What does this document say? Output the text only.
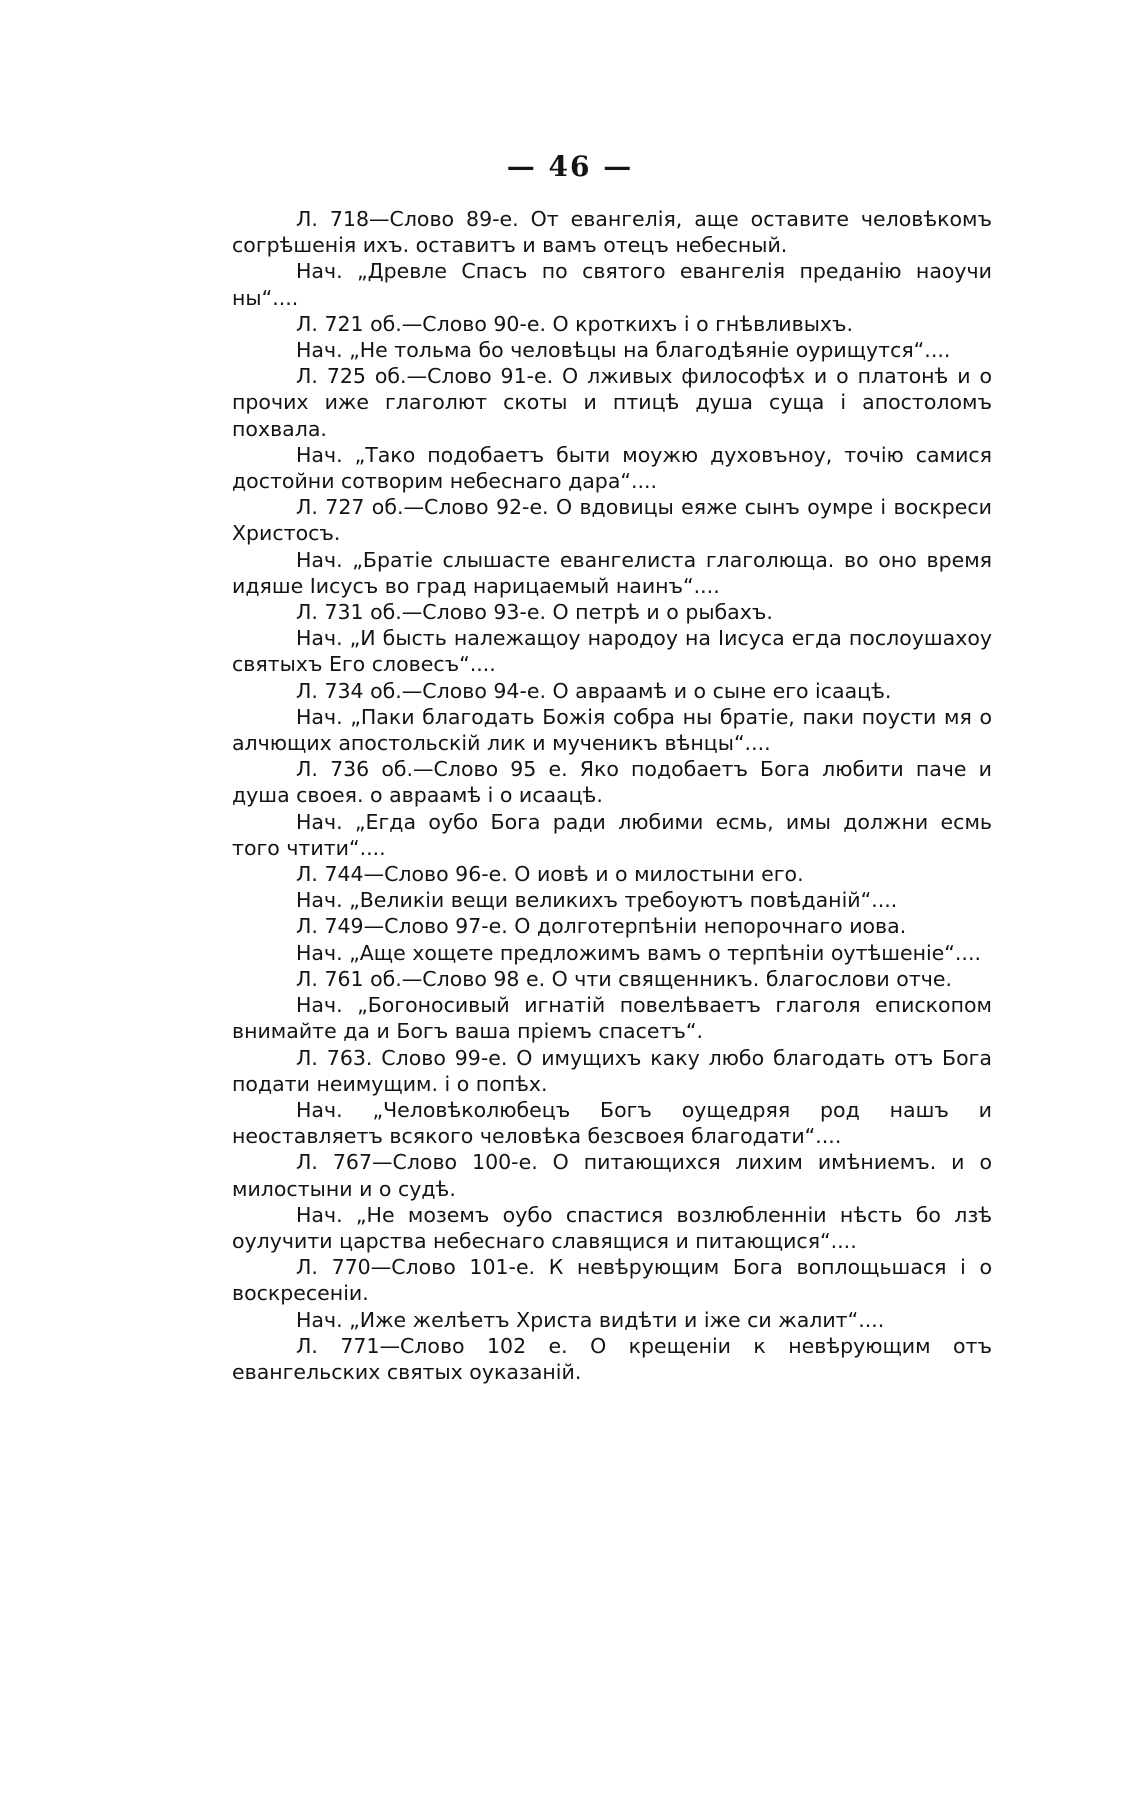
— 46 —

Л. 718—Слово 89-е. От евангелія, аще оставите человѣкомъ согрѣшенія ихъ. оставитъ и вамъ отецъ небесный.

Нач. „Древле Спасъ по святого евангелія преданію наоучи ны“....

Л. 721 об.—Слово 90-е. О кроткихъ і о гнѣвливыхъ.

Нач. „Не тольма бо человѣцы на благодѣяніе оурищутся“....

Л. 725 об.—Слово 91-е. О лживых философѣх и о платонѣ и о прочих иже глаголют скоты и птицѣ душа суща і апостоломъ похвала.

Нач. „Тако подобаетъ быти моужю духовъноу, точію самися достойни сотворим небеснаго дара“....

Л. 727 об.—Слово 92-е. О вдовицы еяже сынъ оумре і воскреси Христосъ.

Нач. „Братіе слышасте евангелиста глаголюща. во оно время идяше Іисусъ во град нарицаемый наинъ“....

Л. 731 об.—Слово 93-е. О петрѣ и о рыбахъ.

Нач. „И бысть належащоу народоу на Іисуса егда послоушахоу святыхъ Его словесъ“....

Л. 734 об.—Слово 94-е. О авраамѣ и о сыне его ісаацѣ.

Нач. „Паки благодать Божія собра ны братіе, паки поусти мя о алчющих апостольскій лик и мученикъ вѣнцы“....

Л. 736 об.—Слово 95 е. Яко подобаетъ Бога любити паче и душа своея. о авраамѣ і о исаацѣ.

Нач. „Егда оубо Бога ради любими есмь, имы должни есмь того чтити“....

Л. 744—Слово 96-е. О иовѣ и о милостыни его.

Нач. „Великіи вещи великихъ требоуютъ повѣданій“....

Л. 749—Слово 97-е. О долготерпѣніи непорочнаго иова.

Нач. „Аще хощете предложимъ вамъ о терпѣніи оутѣшеніе“....

Л. 761 об.—Слово 98 е. О чти священникъ. благослови отче.

Нач. „Богоносивый игнатій повелѣваетъ глаголя епископом внимайте да и Богъ ваша пріемъ спасетъ“.

Л. 763. Слово 99-е. О имущихъ каку любо благодать отъ Бога подати неимущим. і о попѣх.

Нач. „Человѣколюбецъ Богъ оущедряя род нашъ и неоставляетъ всякого человѣка безсвоея благодати“....

Л. 767—Слово 100-е. О питающихся лихим имѣниемъ. и о милостыни и о судѣ.

Нач. „Не моземъ оубо спастися возлюбленніи нѣсть бо лзѣ оулучити царства небеснаго славящися и питающися“....

Л. 770—Слово 101-е. К невѣрующим Бога воплощьшася і о воскресеніи.

Нач. „Иже желѣетъ Христа видѣти и іже си жалит“....

Л. 771—Слово 102 е. О крещеніи к невѣрующим отъ евангельских святых оуказаній.
